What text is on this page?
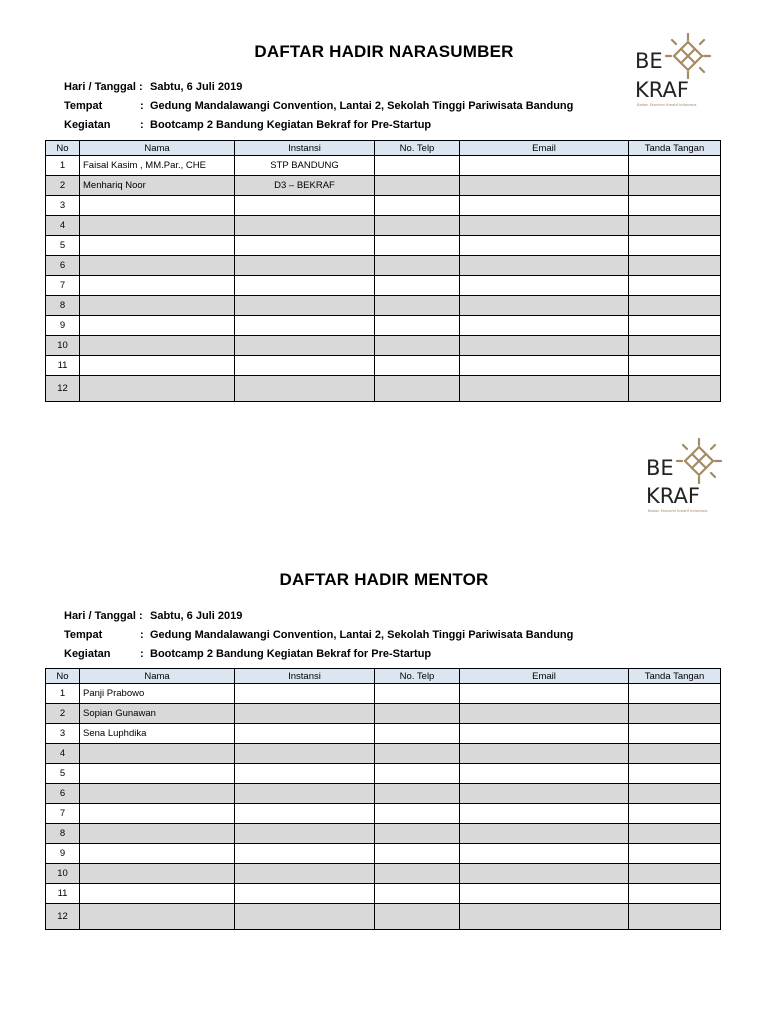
BE
KRAF
Badan Ekonomi Kreatif Indonesia
DAFTAR HADIR NARASUMBER
Hari / Tanggal : Sabtu, 6 Juli 2019
Tempat	: Gedung Mandalawangi Convention, Lantai 2, Sekolah Tinggi Pariwisata Bandung
Kegiatan	: Bootcamp 2 Bandung Kegiatan Bekraf for Pre-Startup
No	Nama	Instansi	No. Telp	Email	Tanda Tangan
1	Faisal Kasim , MM.Par., CHE	STP BANDUNG			
2	Menhariq Noor	D3 – BEKRAF			
3					
4					
5					
6					
7					
8					
9					
10					
11					
12					
BE
KRAF
Badan Ekonomi Kreatif Indonesia
DAFTAR HADIR MENTOR
Hari / Tanggal : Sabtu, 6 Juli 2019
Tempat	: Gedung Mandalawangi Convention, Lantai 2, Sekolah Tinggi Pariwisata Bandung
Kegiatan	: Bootcamp 2 Bandung Kegiatan Bekraf for Pre-Startup
No	Nama	Instansi	No. Telp	Email	Tanda Tangan
1	Panji Prabowo				
2	Sopian Gunawan				
3	Sena Luphdika				
4					
5					
6					
7					
8					
9					
10					
11					
12					
